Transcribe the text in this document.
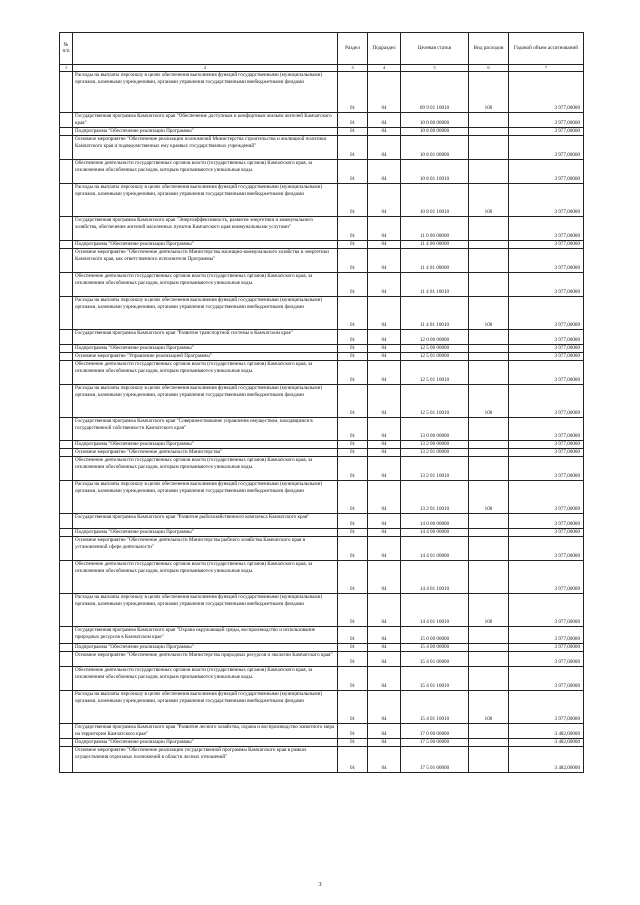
№ п/п		Раздел	Подраздел	Целевая статья	Вид расходов	Годовой объем ассигнований
1	2	3	4	5	6	7
	Расходы на выплаты персоналу в целях обеспечения выполнения функций государственными (муниципальными) органами, казенными учреждениями, органами управления государственными внебюджетными фондами	01	04	09 9 01 10010	100	3 977,00000
	Государственная программа Камчатского края "Обеспечение доступным и комфортным жильем жителей Камчатского края"	01	04	10 0 00 00000		3 977,00000
	Подпрограмма "Обеспечение реализации Программы"	01	04	10 8 00 00000		3 977,00000
	Основное мероприятие "Обеспечение реализации полномочий Министерства строительства и жилищной политики Камчатского края и подведомственных ему краевых государственных учреждений"	01	04	10 8 01 00000		3 977,00000
	Обеспечение деятельности государственных органов власти (государственных органов) Камчатского края, за исключением обособленных расходов, которым присваиваются уникальные коды.	01	04	10 8 01 10010		3 977,00000
	Расходы на выплаты персоналу в целях обеспечения выполнения функций государственными (муниципальными) органами, казенными учреждениями, органами управления государственными внебюджетными фондами	01	04	10 8 01 10010	100	3 977,00000
	Государственная программа Камчатского края "Энергоэффективность, развитие энергетики и коммунального хозяйства, обеспечение жителей населенных пунктов Камчатского края коммунальными услугами"	01	04	11 0 00 00000		3 977,00000
	Подпрограмма "Обеспечение реализации Программы"	01	04	11 4 00 00000		3 977,00000
	Основное мероприятие "Обеспечение деятельности Министерства жилищно-коммунального хозяйства и энергетики Камчатского края, как ответственного исполнителя Программы"	01	04	11 4 01 00000		3 977,00000
	Обеспечение деятельности государственных органов власти (государственных органов) Камчатского края, за исключением обособленных расходов, которым присваиваются уникальные коды.	01	04	11 4 01 10010		3 977,00000
	Расходы на выплаты персоналу в целях обеспечения выполнения функций государственными (муниципальными) органами, казенными учреждениями, органами управления государственными внебюджетными фондами	01	04	11 4 01 10010	100	3 977,00000
	Государственная программа Камчатского края "Развитие транспортной системы в Камчатском крае"	01	04	12 0 00 00000		3 977,00000
	Подпрограмма "Обеспечение реализации Программы"	01	04	12 5 00 00000		3 977,00000
	Основное мероприятие "Управление реализацией Программы"	01	04	12 5 01 00000		3 977,00000
	Обеспечение деятельности государственных органов власти (государственных органов) Камчатского края, за исключением обособленных расходов, которым присваиваются уникальные коды.	01	04	12 5 01 10010		3 977,00000
	Расходы на выплаты персоналу в целях обеспечения выполнения функций государственными (муниципальными) органами, казенными учреждениями, органами управления государственными внебюджетными фондами	01	04	12 5 01 10010	100	3 977,00000
	Государственная программа Камчатского края "Совершенствование управления имуществом, находящимся в государственной собственности Камчатского края"	01	04	13 0 00 00000		3 977,00000
	Подпрограмма "Обеспечение реализации Программы"	01	04	13 2 00 00000		3 977,00000
	Основное мероприятие "Обеспечение деятельности Министерства"	01	04	13 2 01 00000		3 977,00000
	Обеспечение деятельности государственных органов власти (государственных органов) Камчатского края, за исключением обособленных расходов, которым присваиваются уникальные коды.	01	04	13 2 01 10010		3 977,00000
	Расходы на выплаты персоналу в целях обеспечения выполнения функций государственными (муниципальными) органами, казенными учреждениями, органами управления государственными внебюджетными фондами	01	04	13 2 01 10010	100	3 977,00000
	Государственная программа Камчатского края "Развитие рыбохозяйственного комплекса Камчатского края"	01	04	14 0 00 00000		3 977,00000
	Подпрограмма "Обеспечение реализации Программы"	01	04	14 4 00 00000		3 977,00000
	Основное мероприятие "Обеспечение деятельности Министерства рыбного хозяйства Камчатского края в установленной сфере деятельности"	01	04	14 4 01 00000		3 977,00000
	Обеспечение деятельности государственных органов власти (государственных органов) Камчатского края, за исключением обособленных расходов, которым присваиваются уникальные коды.	01	04	14 4 01 10010		3 977,00000
	Расходы на выплаты персоналу в целях обеспечения выполнения функций государственными (муниципальными) органами, казенными учреждениями, органами управления государственными внебюджетными фондами	01	04	14 4 01 10010	100	3 977,00000
	Государственная программа Камчатского края "Охрана окружающей среды, воспроизводство и использование природных ресурсов в Камчатском крае"	01	04	15 0 00 00000		3 977,00000
	Подпрограмма "Обеспечение реализации Программы"	01	04	15 4 00 00000		3 977,00000
	Основное мероприятие "Обеспечение деятельности Министерства природных ресурсов и экологии Камчатского края"	01	04	15 4 01 00000		3 977,00000
	Обеспечение деятельности государственных органов власти (государственных органов) Камчатского края, за исключением обособленных расходов, которым присваиваются уникальные коды.	01	04	15 4 01 10010		3 977,00000
	Расходы на выплаты персоналу в целях обеспечения выполнения функций государственными (муниципальными) органами, казенными учреждениями, органами управления государственными внебюджетными фондами	01	04	15 4 01 10010	100	3 977,00000
	Государственная программа Камчатского края "Развитие лесного хозяйства, охрана и воспроизводство животного мира на территории Камчатского края"	01	04	17 0 00 00000		3 482,00000
	Подпрограмма "Обеспечение реализации Программы"	01	04	17 5 00 00000		3 482,00000
	Основное мероприятие "Обеспечение реализации государственной программы Камчатского края в рамках осуществления отдельных полномочий в области лесных отношений"	01	04	17 5 01 00000		3 482,00000
3
